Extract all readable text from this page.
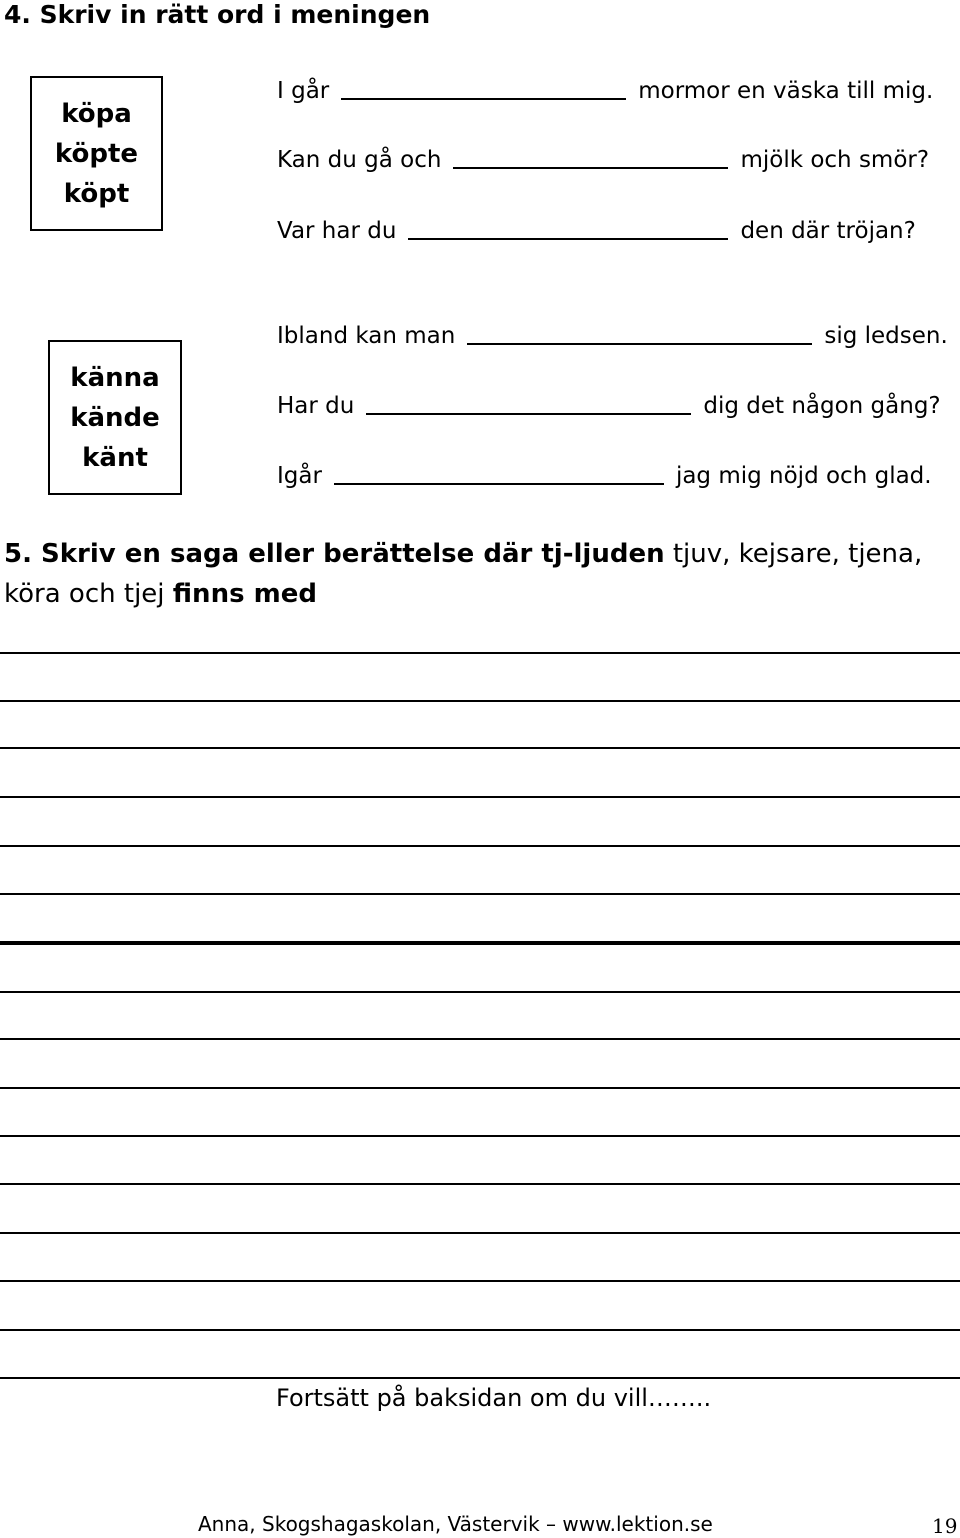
4. Skriv in rätt ord i meningen
köpa
köpte
köpt
I går	mormor en väska till mig.
Kan du gå och	mjölk och smör?
Var har du	den där tröjan?
känna
kände
känt
Ibland kan man	sig ledsen.
Har du	dig det någon gång?
Igår	jag mig nöjd och glad.
5. Skriv en saga eller berättelse där tj-ljuden tjuv, kejsare, tjena, köra och tjej finns med
Fortsätt på baksidan om du vill……..
Anna, Skogshagaskolan, Västervik – www.lektion.se	19
